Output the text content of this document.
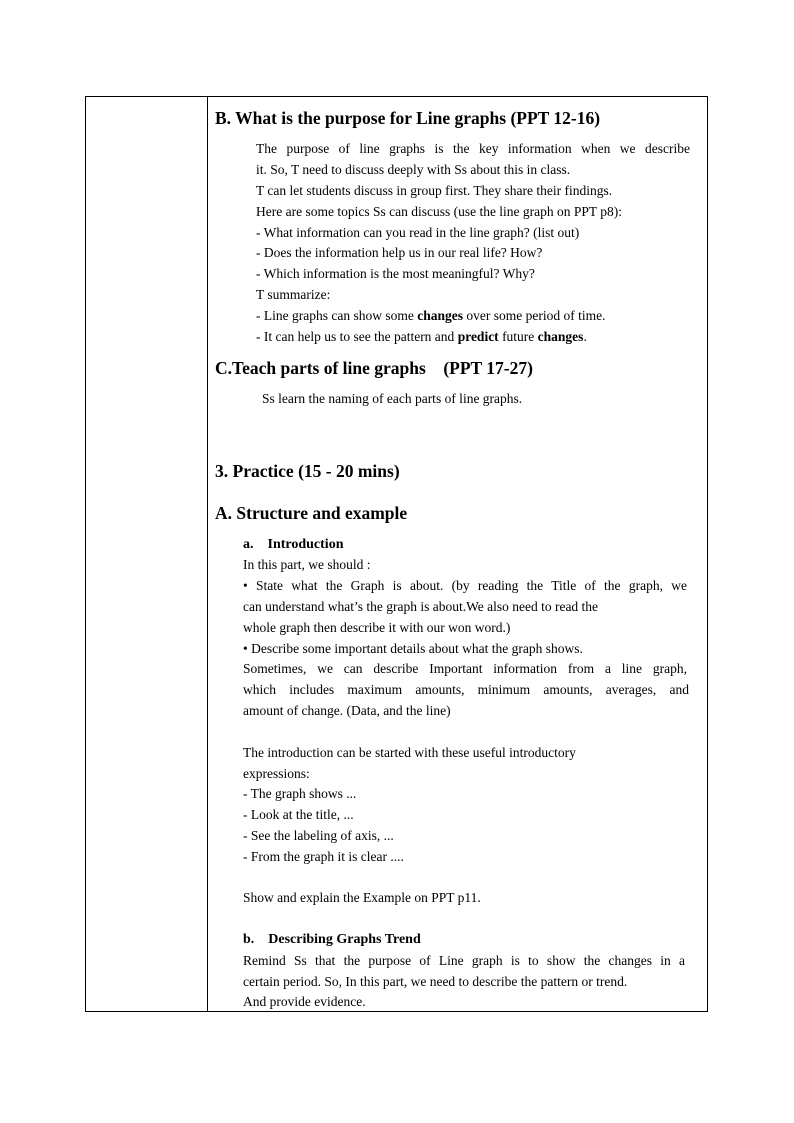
B. What is the purpose for Line graphs (PPT 12-16)
The purpose of line graphs is the key information when we describe
it. So, T need to discuss deeply with Ss about this in class.
T can let students discuss in group first. They share their findings.
Here are some topics Ss can discuss (use the line graph on PPT p8):
- What information can you read in the line graph? (list out)
- Does the information help us in our real life? How?
- Which information is the most meaningful? Why?
T summarize:
- Line graphs can show some changes over some period of time.
- It can help us to see the pattern and predict future changes.
C.Teach parts of line graphs    (PPT 17-27)
Ss learn the naming of each parts of line graphs.
3. Practice (15 - 20 mins)
A. Structure and example
a.    Introduction
In this part, we should :
• State what the Graph is about. (by reading the Title of the graph, we
can understand what’s the graph is about.We also need to read the
whole graph then describe it with our won word.)
• Describe some important details about what the graph shows.
Sometimes, we can describe Important information from a line graph,
which includes maximum amounts, minimum amounts, averages, and
amount of change. (Data, and the line)
The introduction can be started with these useful introductory
expressions:
- The graph shows ...
- Look at the title, ...
- See the labeling of axis, ...
- From the graph it is clear ....
Show and explain the Example on PPT p11.
b.    Describing Graphs Trend
Remind Ss that the purpose of Line graph is to show the changes in a
certain period. So, In this part, we need to describe the pattern or trend.
And provide evidence.
